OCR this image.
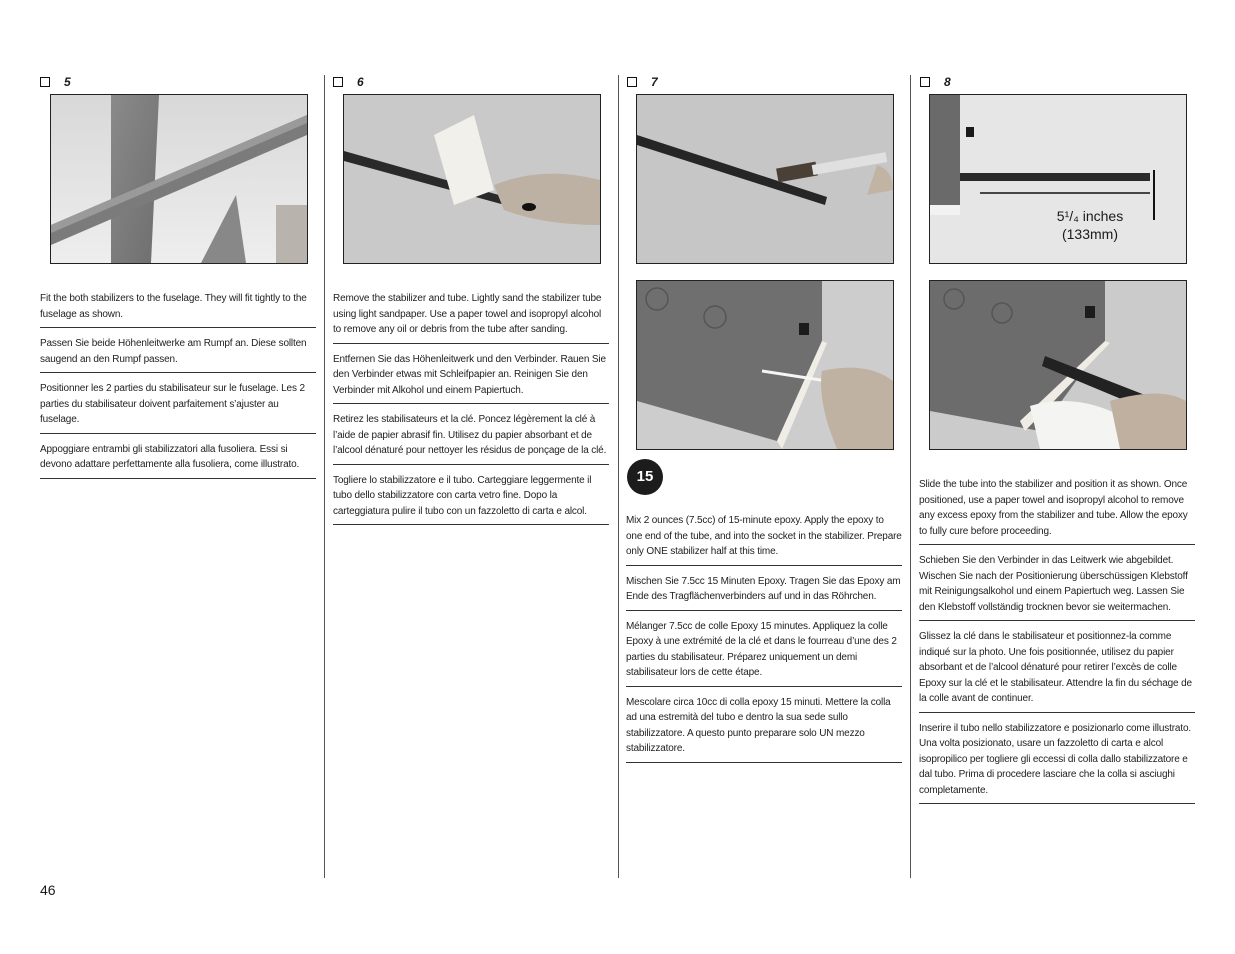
5	6	7	8
5¹/₄ inches
(133mm)
15

Fit the both stabilizers to the fuselage. They will fit tightly to the fuselage as shown.

Passen Sie beide Höhenleitwerke am Rumpf an. Diese sollten saugend an den Rumpf passen.

Positionner les 2 parties du stabilisateur sur le fuselage. Les 2 parties du stabilisateur doivent parfaitement s’ajuster au fuselage.

Appoggiare entrambi gli stabilizzatori alla fusoliera. Essi si devono adattare perfettamente alla fusoliera, come illustrato.

Remove the stabilizer and tube. Lightly sand the stabilizer tube using light sandpaper. Use a paper towel and isopropyl alcohol to remove any oil or debris from the tube after sanding.

Entfernen Sie das Höhenleitwerk und den Verbinder. Rauen Sie den Verbinder etwas mit Schleifpapier an. Reinigen Sie den Verbinder mit Alkohol und einem Papiertuch.

Retirez les stabilisateurs et la clé. Poncez légèrement la clé à l’aide de papier abrasif fin. Utilisez du papier absorbant et de l’alcool dénaturé pour nettoyer les résidus de ponçage de la clé.

Togliere lo stabilizzatore e il tubo. Carteggiare leggermente il tubo dello stabilizzatore con carta vetro fine. Dopo la carteggiatura pulire il tubo con un fazzoletto di carta e alcol.

Mix 2 ounces (7.5cc) of 15-minute epoxy. Apply the epoxy to one end of the tube, and into the socket in the stabilizer. Prepare only ONE stabilizer half at this time.

Mischen Sie 7.5cc 15 Minuten Epoxy. Tragen Sie das Epoxy am Ende des Tragflächenverbinders auf und in das Röhrchen.

Mélanger 7.5cc de colle Epoxy 15 minutes. Appliquez la colle Epoxy à une extrémité de la clé et dans le fourreau d’une des 2 parties du stabilisateur. Préparez uniquement un demi stabilisateur lors de cette étape.

Mescolare circa 10cc di colla epoxy 15 minuti. Mettere la colla ad una estremità del tubo e dentro la sua sede sullo stabilizzatore. A questo punto preparare solo UN mezzo stabilizzatore.

Slide the tube into the stabilizer and position it as shown. Once positioned, use a paper towel and isopropyl alcohol to remove any excess epoxy from the stabilizer and tube. Allow the epoxy to fully cure before proceeding.

Schieben Sie den Verbinder in das Leitwerk wie abgebildet. Wischen Sie nach der Positionierung überschüssigen Klebstoff mit Reinigungsalkohol und einem Papiertuch weg. Lassen Sie den Klebstoff vollständig trocknen bevor sie weitermachen.

Glissez la clé dans le stabilisateur et positionnez-la comme indiqué sur la photo. Une fois positionnée, utilisez du papier absorbant et de l’alcool dénaturé pour retirer l’excès de colle Epoxy sur la clé et le stabilisateur. Attendre la fin du séchage de la colle avant de continuer.

Inserire il tubo nello stabilizzatore e posizionarlo come illustrato. Una volta posizionato, usare un fazzoletto di carta e alcol isopropilico per togliere gli eccessi di colla dallo stabilizzatore e dal tubo. Prima di procedere lasciare che la colla si asciughi completamente.

46
